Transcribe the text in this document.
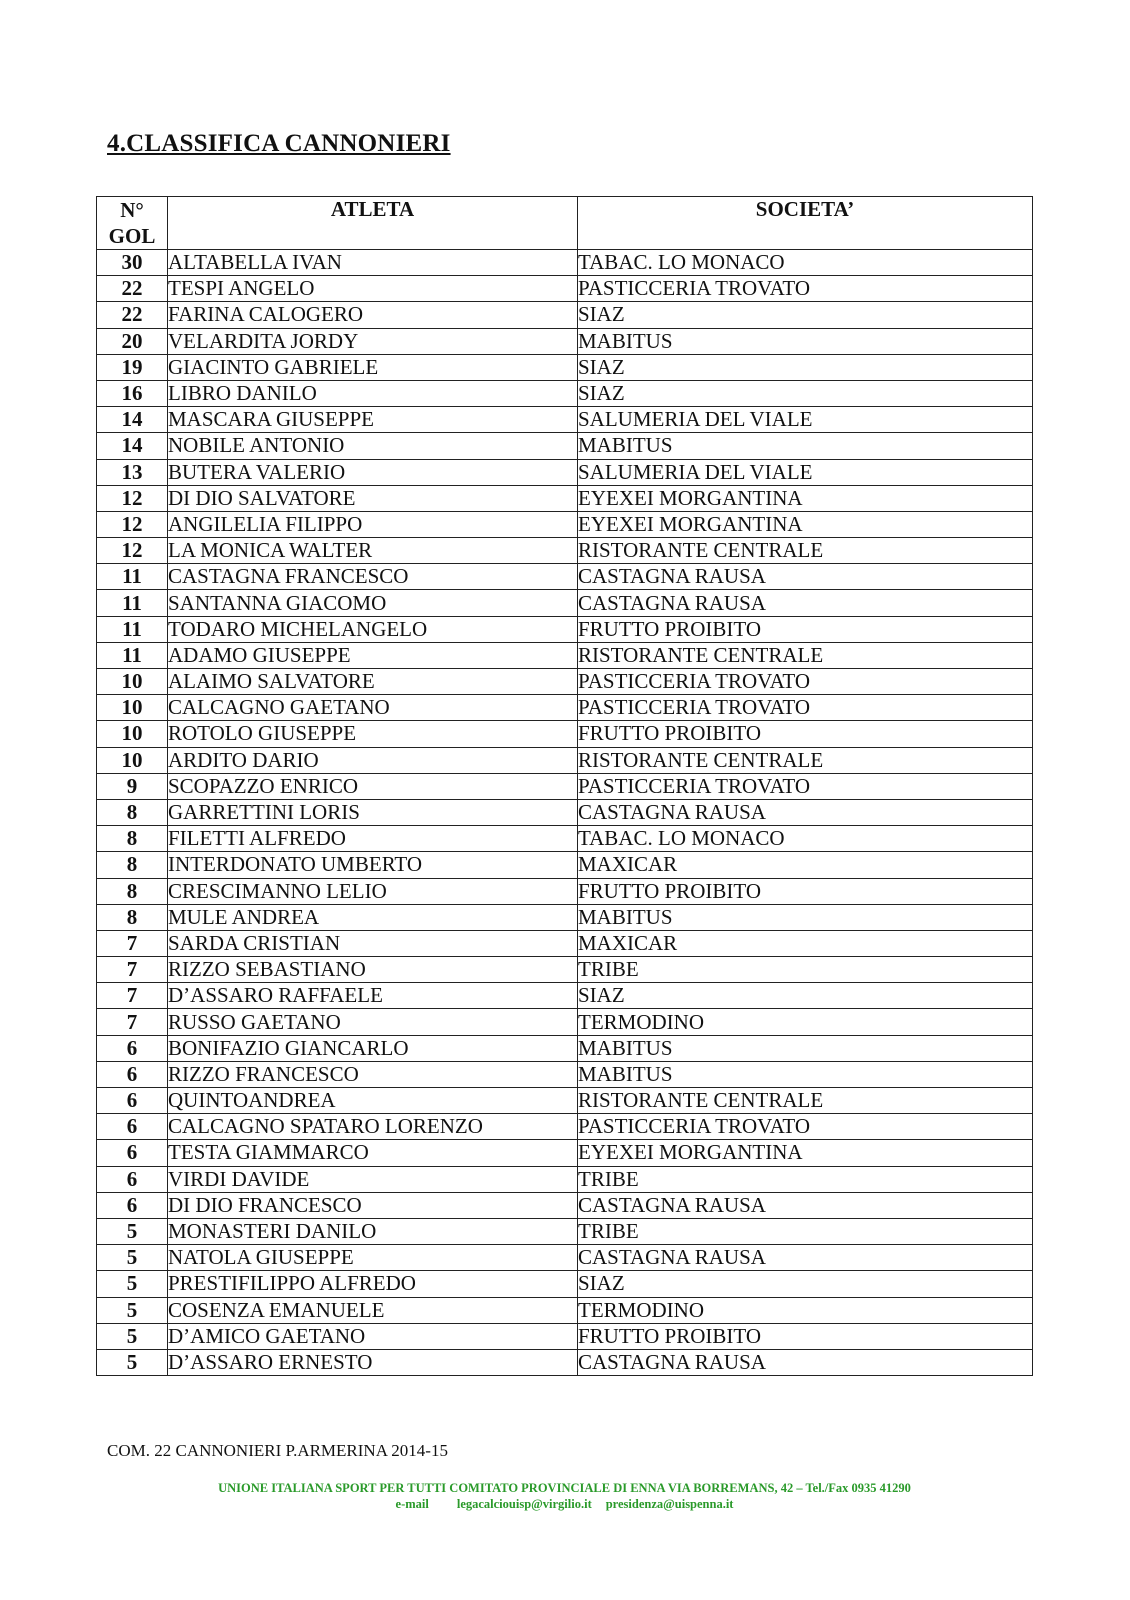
4.CLASSIFICA CANNONIERI
N°
GOL	ATLETA	SOCIETA’
30	ALTABELLA IVAN	TABAC. LO MONACO
22	TESPI ANGELO	PASTICCERIA TROVATO
22	FARINA CALOGERO	SIAZ
20	VELARDITA JORDY	MABITUS
19	GIACINTO GABRIELE	SIAZ
16	LIBRO DANILO	SIAZ
14	MASCARA GIUSEPPE	SALUMERIA DEL VIALE
14	NOBILE ANTONIO	MABITUS
13	BUTERA VALERIO	SALUMERIA DEL VIALE
12	DI DIO SALVATORE	EYEXEI MORGANTINA
12	ANGILELIA FILIPPO	EYEXEI MORGANTINA
12	LA MONICA WALTER	RISTORANTE CENTRALE
11	CASTAGNA FRANCESCO	CASTAGNA RAUSA
11	SANTANNA GIACOMO	CASTAGNA RAUSA
11	TODARO MICHELANGELO	FRUTTO PROIBITO
11	ADAMO GIUSEPPE	RISTORANTE CENTRALE
10	ALAIMO SALVATORE	PASTICCERIA TROVATO
10	CALCAGNO GAETANO	PASTICCERIA TROVATO
10	ROTOLO GIUSEPPE	FRUTTO PROIBITO
10	ARDITO DARIO	RISTORANTE CENTRALE
9	SCOPAZZO ENRICO	PASTICCERIA TROVATO
8	GARRETTINI LORIS	CASTAGNA RAUSA
8	FILETTI ALFREDO	TABAC. LO MONACO
8	INTERDONATO UMBERTO	MAXICAR
8	CRESCIMANNO LELIO	FRUTTO PROIBITO
8	MULE ANDREA	MABITUS
7	SARDA CRISTIAN	MAXICAR
7	RIZZO SEBASTIANO	TRIBE
7	D’ASSARO RAFFAELE	SIAZ
7	RUSSO GAETANO	TERMODINO
6	BONIFAZIO GIANCARLO	MABITUS
6	RIZZO FRANCESCO	MABITUS
6	QUINTOANDREA	RISTORANTE CENTRALE
6	CALCAGNO SPATARO LORENZO	PASTICCERIA TROVATO
6	TESTA GIAMMARCO	EYEXEI MORGANTINA
6	VIRDI DAVIDE	TRIBE
6	DI DIO FRANCESCO	CASTAGNA RAUSA
5	MONASTERI DANILO	TRIBE
5	NATOLA GIUSEPPE	CASTAGNA RAUSA
5	PRESTIFILIPPO ALFREDO	SIAZ
5	COSENZA EMANUELE	TERMODINO
5	D’AMICO GAETANO	FRUTTO PROIBITO
5	D’ASSARO ERNESTO	CASTAGNA RAUSA
COM. 22 CANNONIERI P.ARMERINA 2014-15
UNIONE ITALIANA SPORT PER TUTTI COMITATO PROVINCIALE DI ENNA VIA BORREMANS, 42 – Tel./Fax 0935 41290
e-mail legacalciouisp@virgilio.it presidenza@uispenna.it
